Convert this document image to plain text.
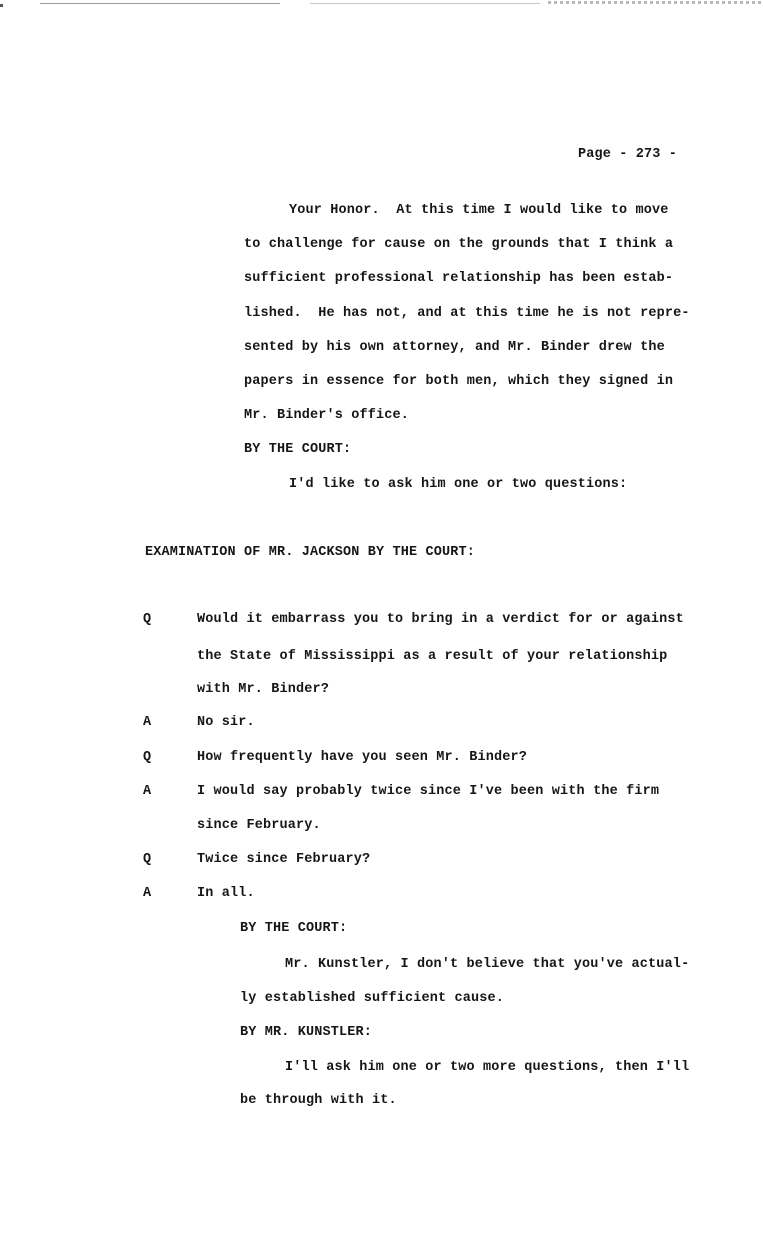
Page - 273 -
Your Honor.  At this time I would like to move
to challenge for cause on the grounds that I think a
sufficient professional relationship has been estab-
lished.  He has not, and at this time he is not repre-
sented by his own attorney, and Mr. Binder drew the
papers in essence for both men, which they signed in
Mr. Binder's office.
BY THE COURT:
I'd like to ask him one or two questions:
EXAMINATION OF MR. JACKSON BY THE COURT:
Q	Would it embarrass you to bring in a verdict for or against
the State of Mississippi as a result of your relationship
with Mr. Binder?
A	No sir.
Q	How frequently have you seen Mr. Binder?
A	I would say probably twice since I've been with the firm
since February.
Q	Twice since February?
A	In all.
BY THE COURT:
Mr. Kunstler, I don't believe that you've actual-
ly established sufficient cause.
BY MR. KUNSTLER:
I'll ask him one or two more questions, then I'll
be through with it.
